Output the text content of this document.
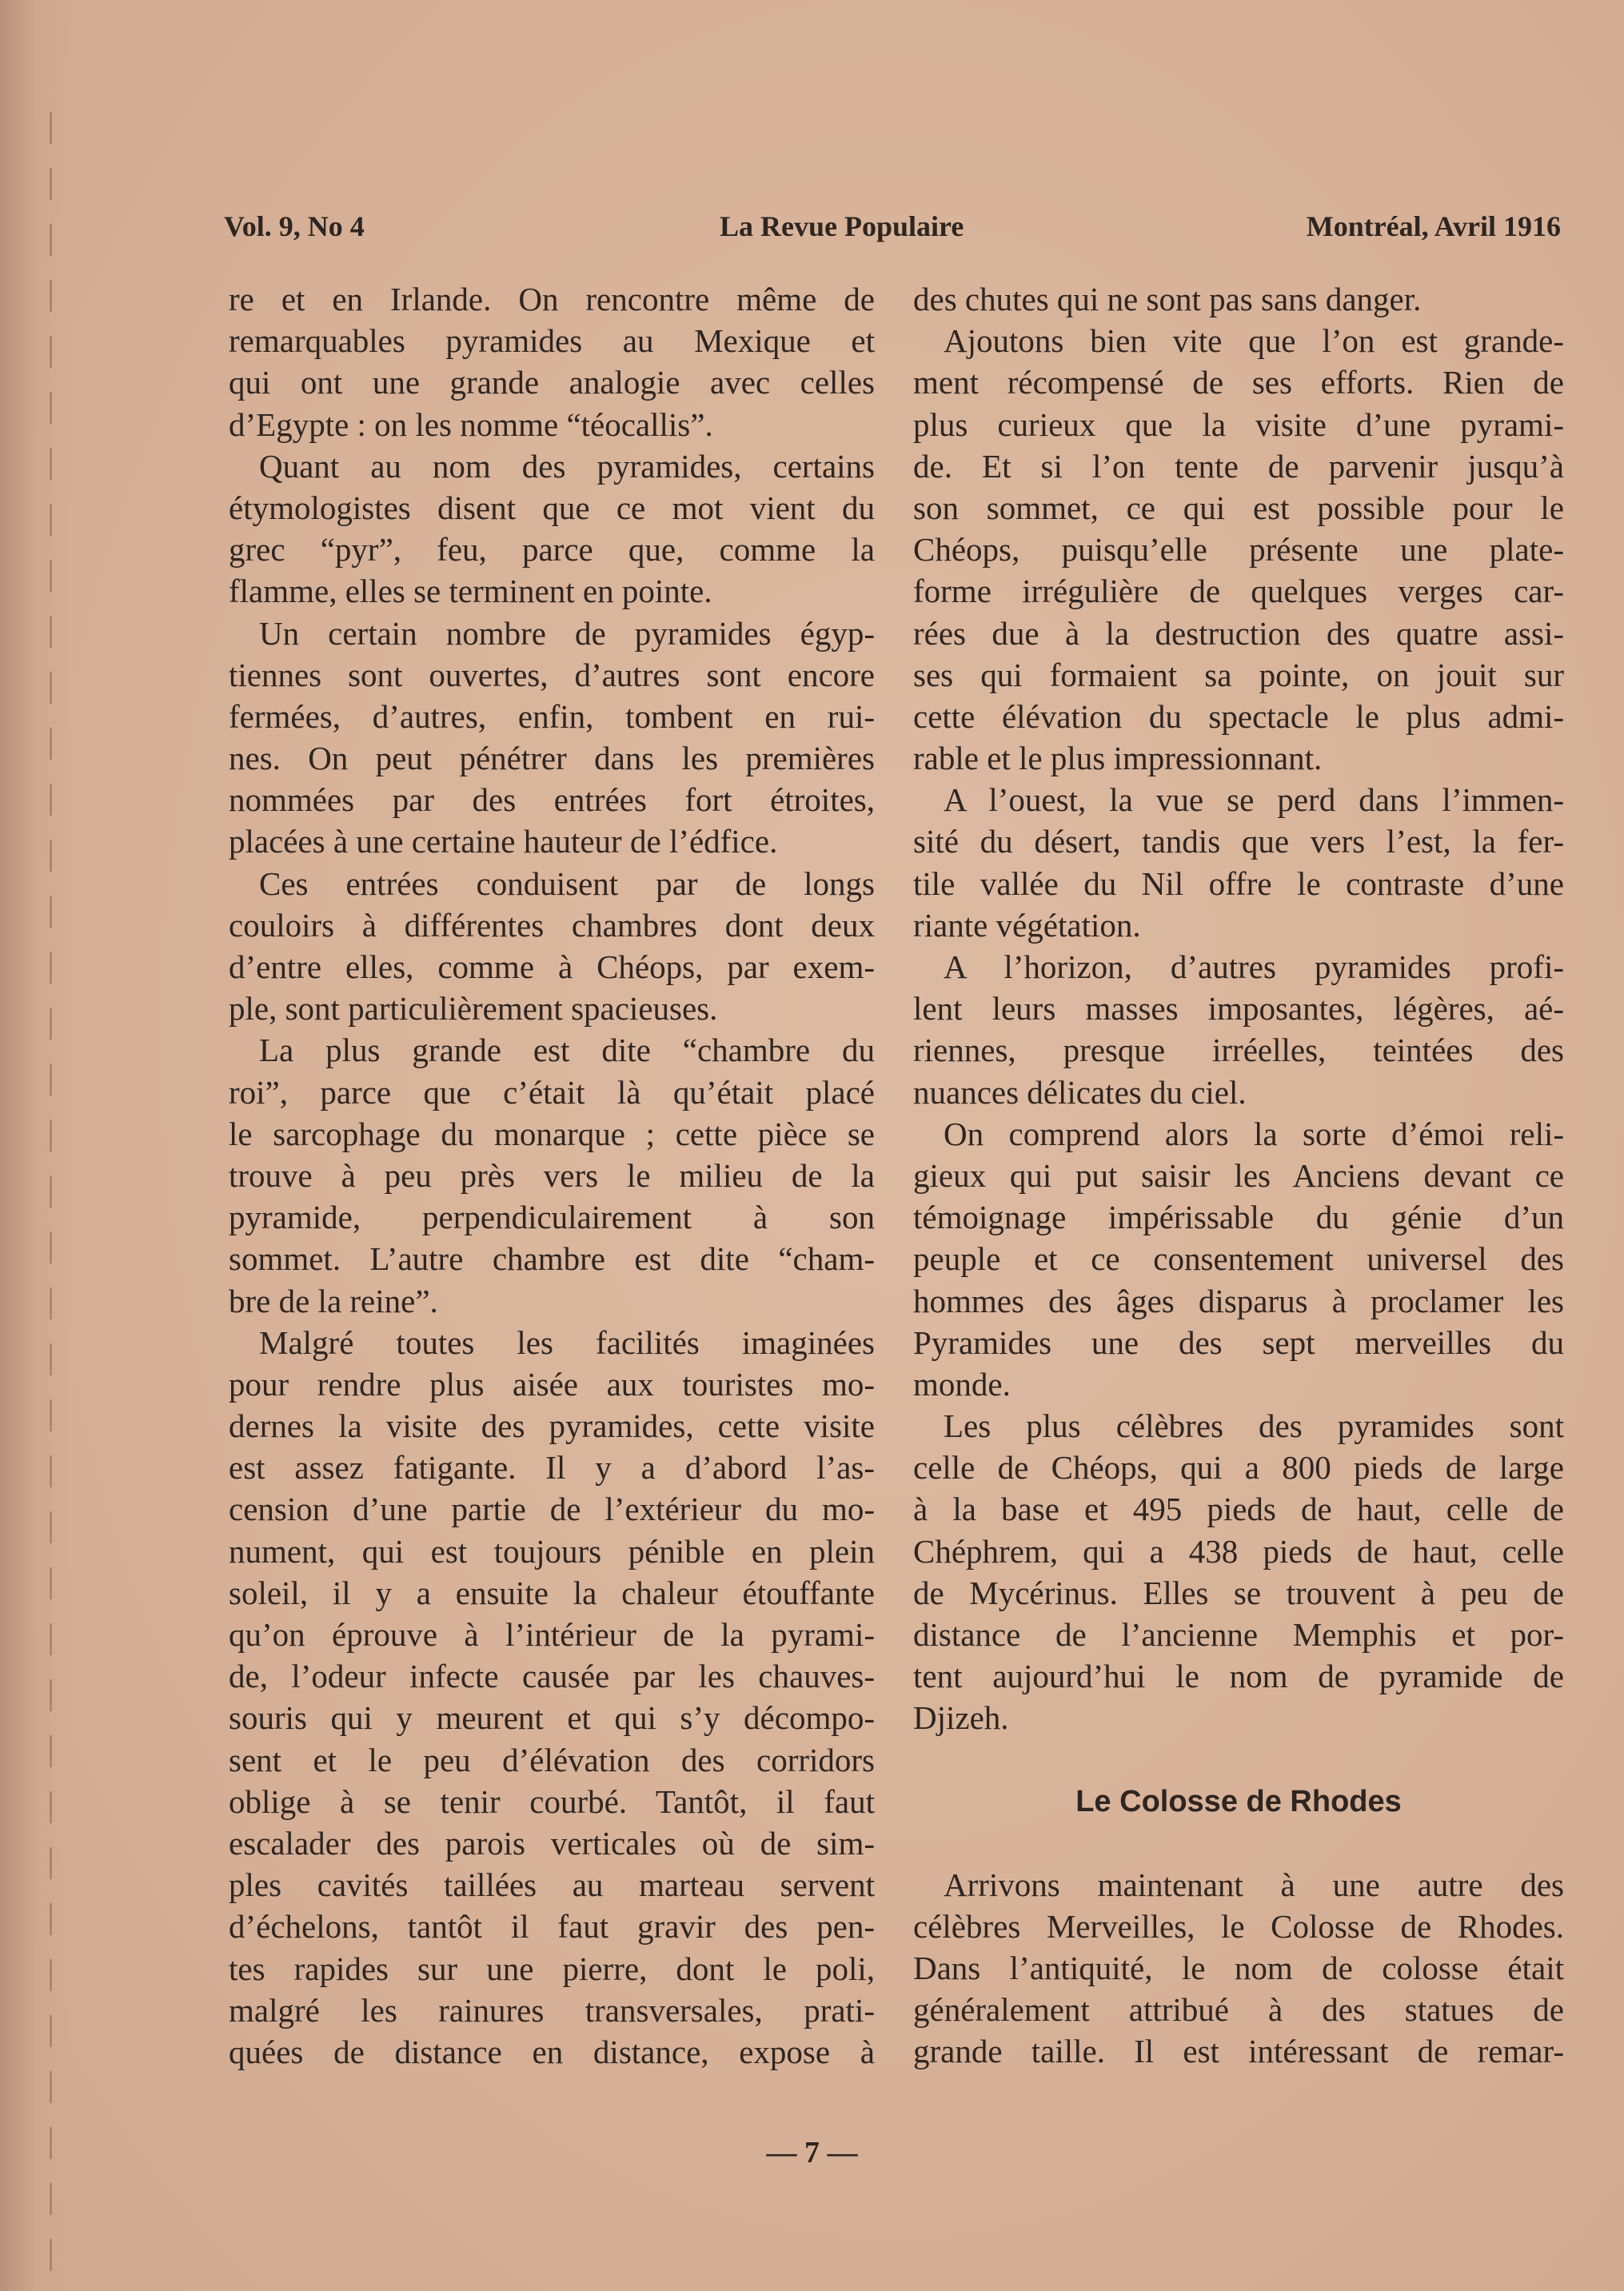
Vol. 9, No 4	La Revue Populaire	Montréal, Avril 1916
re et en Irlande. On rencontre même de
remarquables pyramides au Mexique et
qui ont une grande analogie avec celles
d’Egypte : on les nomme “téocallis”.
Quant au nom des pyramides, certains
étymologistes disent que ce mot vient du
grec “pyr”, feu, parce que, comme la
flamme, elles se terminent en pointe.
Un certain nombre de pyramides égyp-
tiennes sont ouvertes, d’autres sont encore
fermées, d’autres, enfin, tombent en rui-
nes. On peut pénétrer dans les premières
nommées par des entrées fort étroites,
placées à une certaine hauteur de l’édfice.
Ces entrées conduisent par de longs
couloirs à différentes chambres dont deux
d’entre elles, comme à Chéops, par exem-
ple, sont particulièrement spacieuses.
La plus grande est dite “chambre du
roi”, parce que c’était là qu’était placé
le sarcophage du monarque ; cette pièce se
trouve à peu près vers le milieu de la
pyramide, perpendiculairement à son
sommet. L’autre chambre est dite “cham-
bre de la reine”.
Malgré toutes les facilités imaginées
pour rendre plus aisée aux touristes mo-
dernes la visite des pyramides, cette visite
est assez fatigante. Il y a d’abord l’as-
cension d’une partie de l’extérieur du mo-
nument, qui est toujours pénible en plein
soleil, il y a ensuite la chaleur étouffante
qu’on éprouve à l’intérieur de la pyrami-
de, l’odeur infecte causée par les chauves-
souris qui y meurent et qui s’y décompo-
sent et le peu d’élévation des corridors
oblige à se tenir courbé. Tantôt, il faut
escalader des parois verticales où de sim-
ples cavités taillées au marteau servent
d’échelons, tantôt il faut gravir des pen-
tes rapides sur une pierre, dont le poli,
malgré les rainures transversales, prati-
quées de distance en distance, expose à
des chutes qui ne sont pas sans danger.
Ajoutons bien vite que l’on est grande-
ment récompensé de ses efforts. Rien de
plus curieux que la visite d’une pyrami-
de. Et si l’on tente de parvenir jusqu’à
son sommet, ce qui est possible pour le
Chéops, puisqu’elle présente une plate-
forme irrégulière de quelques verges car-
rées due à la destruction des quatre assi-
ses qui formaient sa pointe, on jouit sur
cette élévation du spectacle le plus admi-
rable et le plus impressionnant.
A l’ouest, la vue se perd dans l’immen-
sité du désert, tandis que vers l’est, la fer-
tile vallée du Nil offre le contraste d’une
riante végétation.
A l’horizon, d’autres pyramides profi-
lent leurs masses imposantes, légères, aé-
riennes, presque irréelles, teintées des
nuances délicates du ciel.
On comprend alors la sorte d’émoi reli-
gieux qui put saisir les Anciens devant ce
témoignage impérissable du génie d’un
peuple et ce consentement universel des
hommes des âges disparus à proclamer les
Pyramides une des sept merveilles du
monde.
Les plus célèbres des pyramides sont
celle de Chéops, qui a 800 pieds de large
à la base et 495 pieds de haut, celle de
Chéphrem, qui a 438 pieds de haut, celle
de Mycérinus. Elles se trouvent à peu de
distance de l’ancienne Memphis et por-
tent aujourd’hui le nom de pyramide de
Djizeh.
Le Colosse de Rhodes
Arrivons maintenant à une autre des
célèbres Merveilles, le Colosse de Rhodes.
Dans l’antiquité, le nom de colosse était
généralement attribué à des statues de
grande taille. Il est intéressant de remar-
— 7 —
